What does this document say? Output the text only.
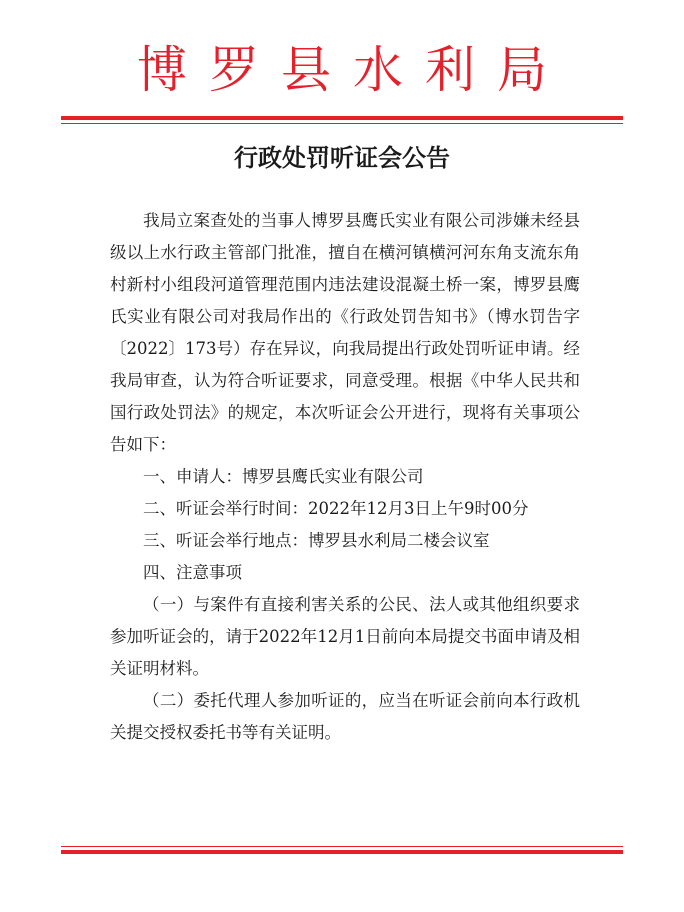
博罗县水利局
行政处罚听证会公告

我局立案查处的当事人博罗县鹰氏实业有限公司涉嫌未经县级以上水行政主管部门批准，擅自在横河镇横河河东角支流东角村新村小组段河道管理范围内违法建设混凝土桥一案，博罗县鹰氏实业有限公司对我局作出的《行政处罚告知书》（博水罚告字〔2022〕173号）存在异议，向我局提出行政处罚听证申请。经我局审查，认为符合听证要求，同意受理。根据《中华人民共和国行政处罚法》的规定，本次听证会公开进行，现将有关事项公告如下：

一、申请人：博罗县鹰氏实业有限公司

二、听证会举行时间：2022年12月3日上午9时00分

三、听证会举行地点：博罗县水利局二楼会议室

四、注意事项

（一）与案件有直接利害关系的公民、法人或其他组织要求参加听证会的，请于2022年12月1日前向本局提交书面申请及相关证明材料。

（二）委托代理人参加听证的，应当在听证会前向本行政机关提交授权委托书等有关证明。
